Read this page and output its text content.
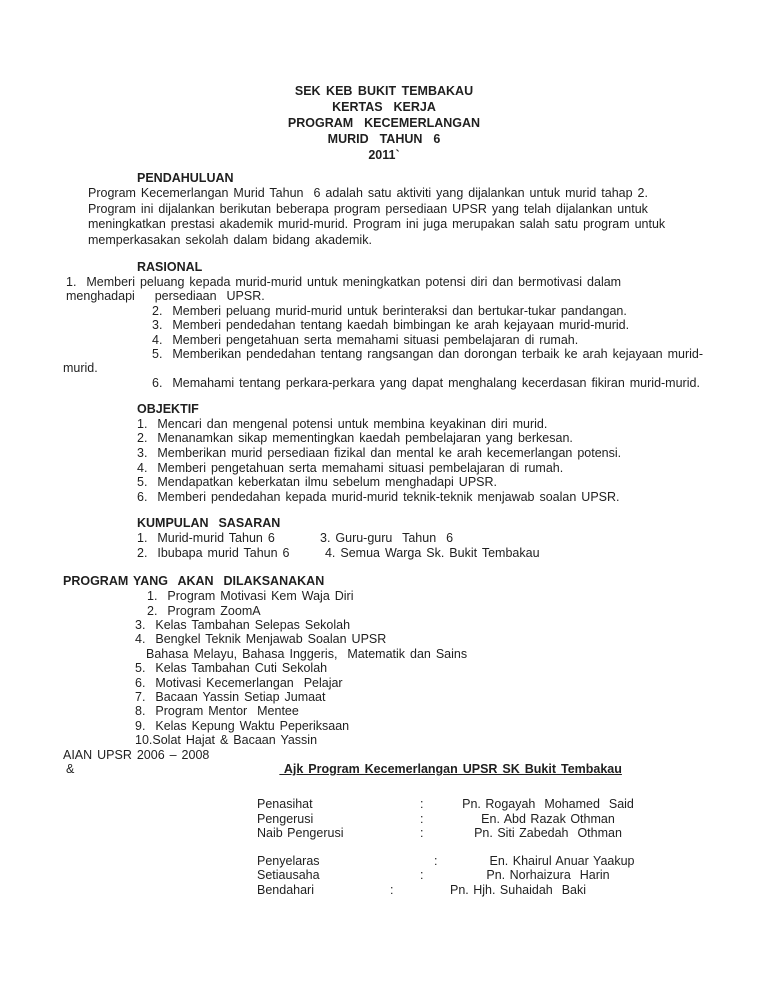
SEK KEB BUKIT TEMBAKAU
KERTAS  KERJA
PROGRAM  KECEMERLANGAN
MURID  TAHUN  6
2011`
PENDAHULUAN
Program Kecemerlangan Murid Tahun  6 adalah satu aktiviti yang dijalankan untuk murid tahap 2.
Program ini dijalankan berikutan beberapa program persediaan UPSR yang telah dijalankan untuk
meningkatkan prestasi akademik murid-murid. Program ini juga merupakan salah satu program untuk
memperkasakan sekolah dalam bidang akademik.
RASIONAL
1.  Memberi peluang kepada murid-murid untuk meningkatkan potensi diri dan bermotivasi dalam
menghadapi    persediaan  UPSR.
2.  Memberi peluang murid-murid untuk berinteraksi dan bertukar-tukar pandangan.
3.  Memberi pendedahan tentang kaedah bimbingan ke arah kejayaan murid-murid.
4.  Memberi pengetahuan serta memahami situasi pembelajaran di rumah.
5.  Memberikan pendedahan tentang rangsangan dan dorongan terbaik ke arah kejayaan murid-
murid.
6.  Memahami tentang perkara-perkara yang dapat menghalang kecerdasan fikiran murid-murid.
OBJEKTIF
1.  Mencari dan mengenal potensi untuk membina keyakinan diri murid.
2.  Menanamkan sikap mementingkan kaedah pembelajaran yang berkesan.
3.  Memberikan murid persediaan fizikal dan mental ke arah kecemerlangan potensi.
4.  Memberi pengetahuan serta memahami situasi pembelajaran di rumah.
5.  Mendapatkan keberkatan ilmu sebelum menghadapi UPSR.
6.  Memberi pendedahan kepada murid-murid teknik-teknik menjawab soalan UPSR.
KUMPULAN  SASARAN
1.  Murid-murid Tahun 6	3. Guru-guru  Tahun  6
2.  Ibubapa murid Tahun 6	4. Semua Warga Sk. Bukit Tembakau
PROGRAM YANG  AKAN  DILAKSANAKAN
1.  Program Motivasi Kem Waja Diri
2.  Program ZoomA
3.  Kelas Tambahan Selepas Sekolah
4.  Bengkel Teknik Menjawab Soalan UPSR
Bahasa Melayu, Bahasa Inggeris,  Matematik dan Sains
5.  Kelas Tambahan Cuti Sekolah
6.  Motivasi Kecemerlangan  Pelajar
7.  Bacaan Yassin Setiap Jumaat
8.  Program Mentor  Mentee
9.  Kelas Kepung Waktu Peperiksaan
10.Solat Hajat & Bacaan Yassin
AIAN UPSR 2006 – 2008
&	Ajk Program Kecemerlangan UPSR SK Bukit Tembakau
Penasihat	:	Pn. Rogayah  Mohamed  Said
Pengerusi	:	En. Abd Razak Othman
Naib Pengerusi	:	Pn. Siti Zabedah  Othman
Penyelaras	:	En. Khairul Anuar Yaakup
Setiausaha	:	Pn. Norhaizura  Harin
Bendahari	:	Pn. Hjh. Suhaidah  Baki
